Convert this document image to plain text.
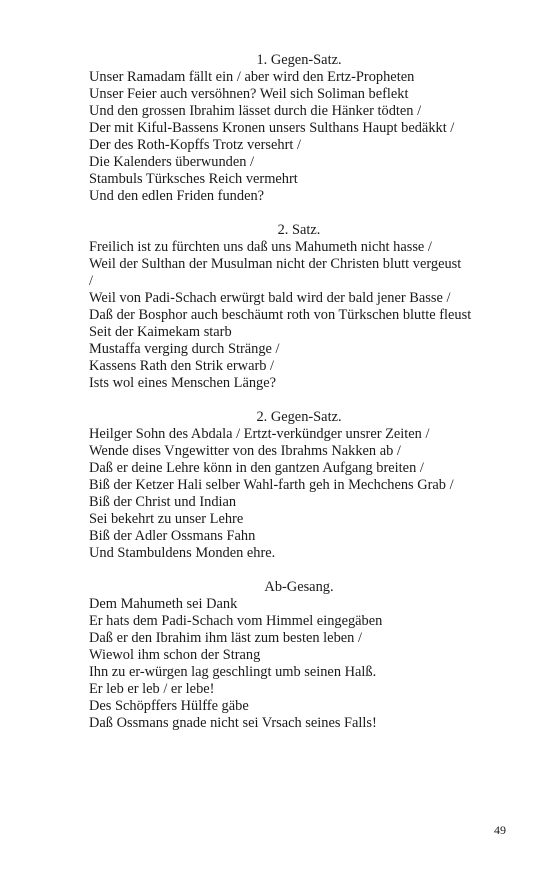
1. Gegen-Satz.
Unser Ramadam fällt ein / aber wird den Ertz-Propheten
Unser Feier auch versöhnen? Weil sich Soliman beflekt
Und den grossen Ibrahim lässet durch die Hänker tödten /
Der mit Kiful-Bassens Kronen unsers Sulthans Haupt bedäkkt /
Der des Roth-Kopffs Trotz versehrt /
Die Kalenders überwunden /
Stambuls Türksches Reich vermehrt
Und den edlen Friden funden?
2. Satz.
Freilich ist zu fürchten uns daß uns Mahumeth nicht hasse /
Weil der Sulthan der Musulman nicht der Christen blutt vergeust
/
Weil von Padi-Schach erwürgt bald wird der bald jener Basse /
Daß der Bosphor auch beschäumt roth von Türkschen blutte fleust
Seit der Kaimekam starb
Mustaffa verging durch Stränge /
Kassens Rath den Strik erwarb /
Ists wol eines Menschen Länge?
2. Gegen-Satz.
Heilger Sohn des Abdala / Ertzt-verkündger unsrer Zeiten /
Wende dises Vngewitter von des Ibrahms Nakken ab /
Daß er deine Lehre könn in den gantzen Aufgang breiten /
Biß der Ketzer Hali selber Wahl-farth geh in Mechchens Grab /
Biß der Christ und Indian
Sei bekehrt zu unser Lehre
Biß der Adler Ossmans Fahn
Und Stambuldens Monden ehre.
Ab-Gesang.
Dem Mahumeth sei Dank
Er hats dem Padi-Schach vom Himmel eingegäben
Daß er den Ibrahim ihm läst zum besten leben /
Wiewol ihm schon der Strang
Ihn zu er-würgen lag geschlingt umb seinen Halß.
Er leb er leb / er lebe!
Des Schöpffers Hülffe gäbe
Daß Ossmans gnade nicht sei Vrsach seines Falls!
49
